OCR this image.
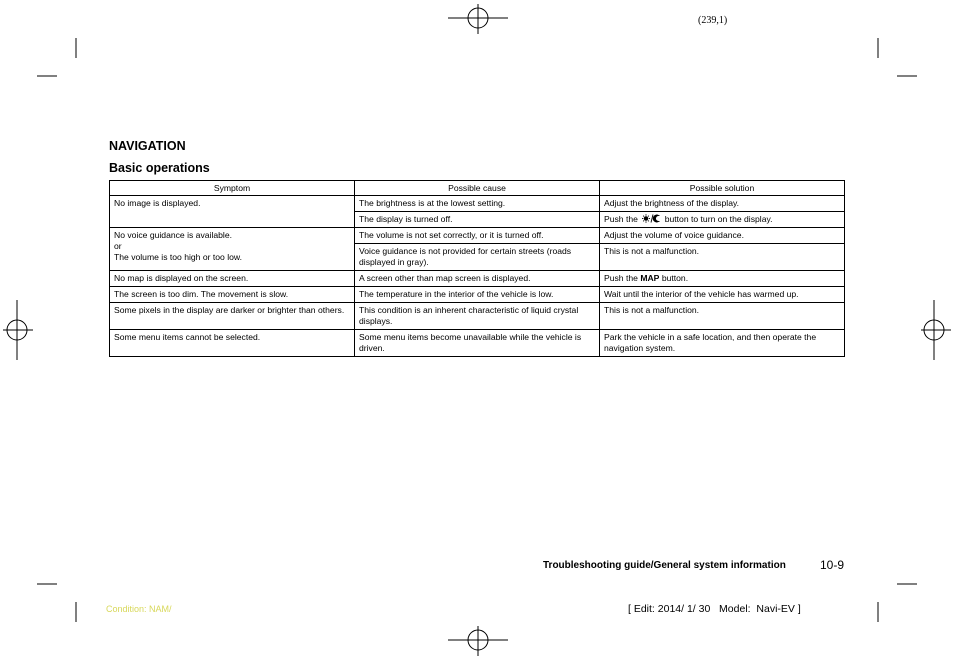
(239,1)
NAVIGATION
Basic operations
Symptom	Possible cause	Possible solution
No image is displayed.	The brightness is at the lowest setting.	Adjust the brightness of the display.
	The display is turned off.	Push the button to turn on the display.

No voice guidance is available.
or
The volume is too high or too low.	The volume is not set correctly, or it is turned off.	Adjust the volume of voice guidance.
	Voice guidance is not provided for certain streets (roads displayed in gray).	This is not a malfunction.
No map is displayed on the screen.	A screen other than map screen is displayed.	Push the MAP button.
The screen is too dim. The movement is slow.	The temperature in the interior of the vehicle is low.	Wait until the interior of the vehicle has warmed up.
Some pixels in the display are darker or brighter than others.	This condition is an inherent characteristic of liquid crystal displays.	This is not a malfunction.
Some menu items cannot be selected.	Some menu items become unavailable while the vehicle is driven.	Park the vehicle in a safe location, and then operate the navigation system.
Troubleshooting guide/General system information	10-9
Condition: NAM/	[ Edit: 2014/ 1/ 30   Model:  Navi-EV ]
